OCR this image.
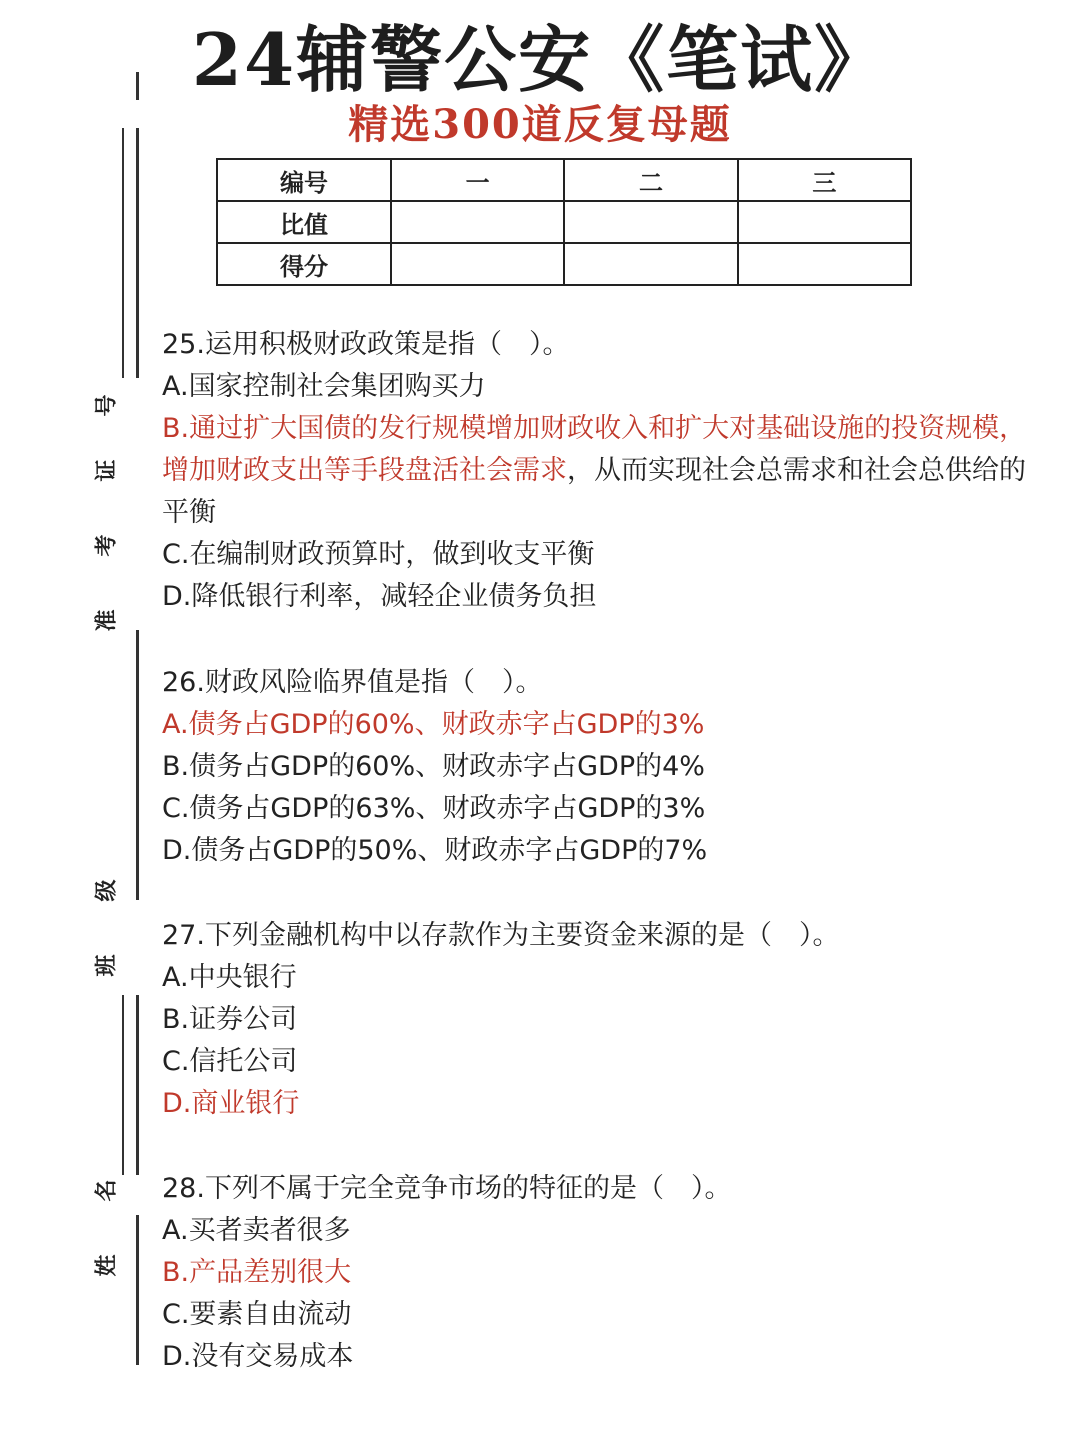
24辅警公安《笔试》
精选300道反复母题
编号	一	二	三
比值			
得分			
号
证
考
准
级
班
名
姓

25.运用积极财政政策是指（　）。

A.国家控制社会集团购买力

B.通过扩大国债的发行规模增加财政收入和扩大对基础设施的投资规模，增加财政支出等手段盘活社会需求，从而实现社会总需求和社会总供给的平衡

C.在编制财政预算时，做到收支平衡

D.降低银行利率，减轻企业债务负担

26.财政风险临界值是指（　）。

A.债务占GDP的60%、财政赤字占GDP的3%

B.债务占GDP的60%、财政赤字占GDP的4%

C.债务占GDP的63%、财政赤字占GDP的3%

D.债务占GDP的50%、财政赤字占GDP的7%

27.下列金融机构中以存款作为主要资金来源的是（　）。

A.中央银行

B.证券公司

C.信托公司

D.商业银行

28.下列不属于完全竞争市场的特征的是（　）。

A.买者卖者很多

B.产品差别很大

C.要素自由流动

D.没有交易成本
